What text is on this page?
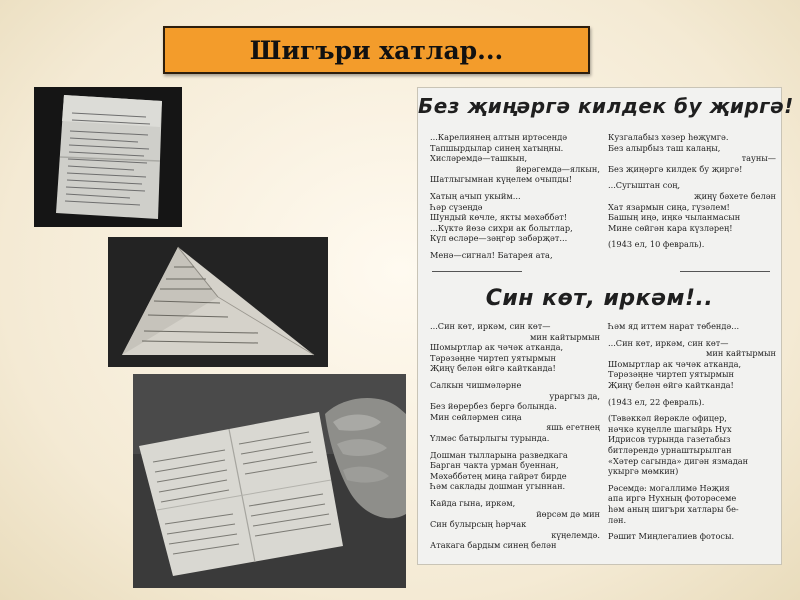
Шигъри хатлар...
Без җиңәргә килдек бу җиргә!
...Карелиянең алтын иртәсендә
Тапшырдылар синең хатыңны.
Хисләремдә—ташкын,
йөрәгемдә—ялкын,
Шатлыгымнан күңелем очыпды!
Хатың ачып укыйм...
Һәр сүзеңдә
Шундый көчле, якты мәхәббәт!
...Күктә йөзә сихри ак болытлар,
Күл өсләре—зәңгәр зәбәрҗәт...
Менә—сигнал! Батарея ата,
Кузгалабыз хәзер һөҗүмгә.
Без алырбыз таш калаңы,
тауны—
Без җиңәргә килдек бу җиргә!
...Сугыштан соң,
җиңү бәхете белән
Хат язармын сиңа, гүзәлем!
Башың иңә, иңкә чыланмасын
Мине сөйгән кара күзләрең!
(1943 ел, 10 февраль).
Син көт, иркәм!..
...Син көт, иркәм, син көт—
мин кайтырмын
Шомыртлар ак чәчәк атканда,
Тәрәзәңне чиртеп уятырмын
Җиңү белән өйгә кайтканда!
Салкын чишмәләрне
ураргыз да,
Без йөрербез бергә болында.
Мин сөйләрмен сиңа
яшь егетнең
Үлмәс батырлыгы турында.
Дошман тылларына разведкага
Барган чакта урман буеннан,
Мәхәббәтең миңа гайрәт бирде
Һәм саклады дошман угыннан.
Кайда гына, иркәм,
йөрсәм дә мин
Син булырсың һәрчак
күңелемдә.
Атакага бардым синең белән
Һәм яд иттем нарат төбендә...
...Син көт, иркәм, син көт—
мин кайтырмын
Шомыртлар ак чәчәк атканда,
Тәрәзәңне чиртеп уятырмын
Җиңү белән өйгә кайтканда!
(1943 ел, 22 февраль).
(Тәвәккәл йөрәкле офицер,
нәчкә күңелле шагыйрь Нух
Идрисов турында газетабыз
битләрендә урнаштырылган
«Хәтер сагында» дигән язмадан
укыргә мөмкин)
Рәсемдә: могаллимә Нәҗия
апа иргә Нухның фоторәсеме
һәм аның шигъри хатлары бе-
лән.
Рәшит Миңлегалиев фотосы.
